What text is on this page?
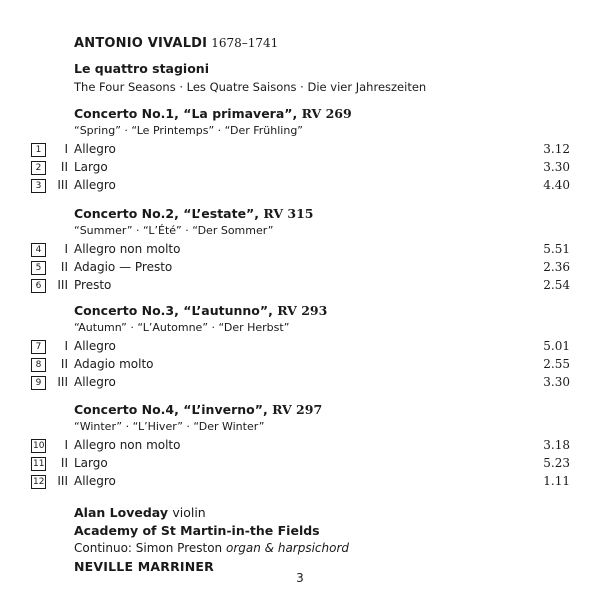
ANTONIO VIVALDI 1678–1741
Le quattro stagioni
The Four Seasons · Les Quatre Saisons · Die vier Jahreszeiten
Concerto No.1, “La primavera”, RV 269
“Spring” · “Le Printemps” · “Der Frühling”
1	I Allegro	3.12
2	II Largo	3.30
3	III Allegro	4.40
Concerto No.2, “L’estate”, RV 315
“Summer” · “L’Été” · “Der Sommer”
4	I Allegro non molto	5.51
5	II Adagio — Presto	2.36
6	III Presto	2.54
Concerto No.3, “L’autunno”, RV 293
“Autumn” · “L’Automne” · “Der Herbst”
7	I Allegro	5.01
8	II Adagio molto	2.55
9	III Allegro	3.30
Concerto No.4, “L’inverno”, RV 297
“Winter” · “L’Hiver” · “Der Winter”
10	I Allegro non molto	3.18
11	II Largo	5.23
12	III Allegro	1.11
Alan Loveday violin
Academy of St Martin-in-the Fields
Continuo: Simon Preston organ & harpsichord
NEVILLE MARRINER
3
